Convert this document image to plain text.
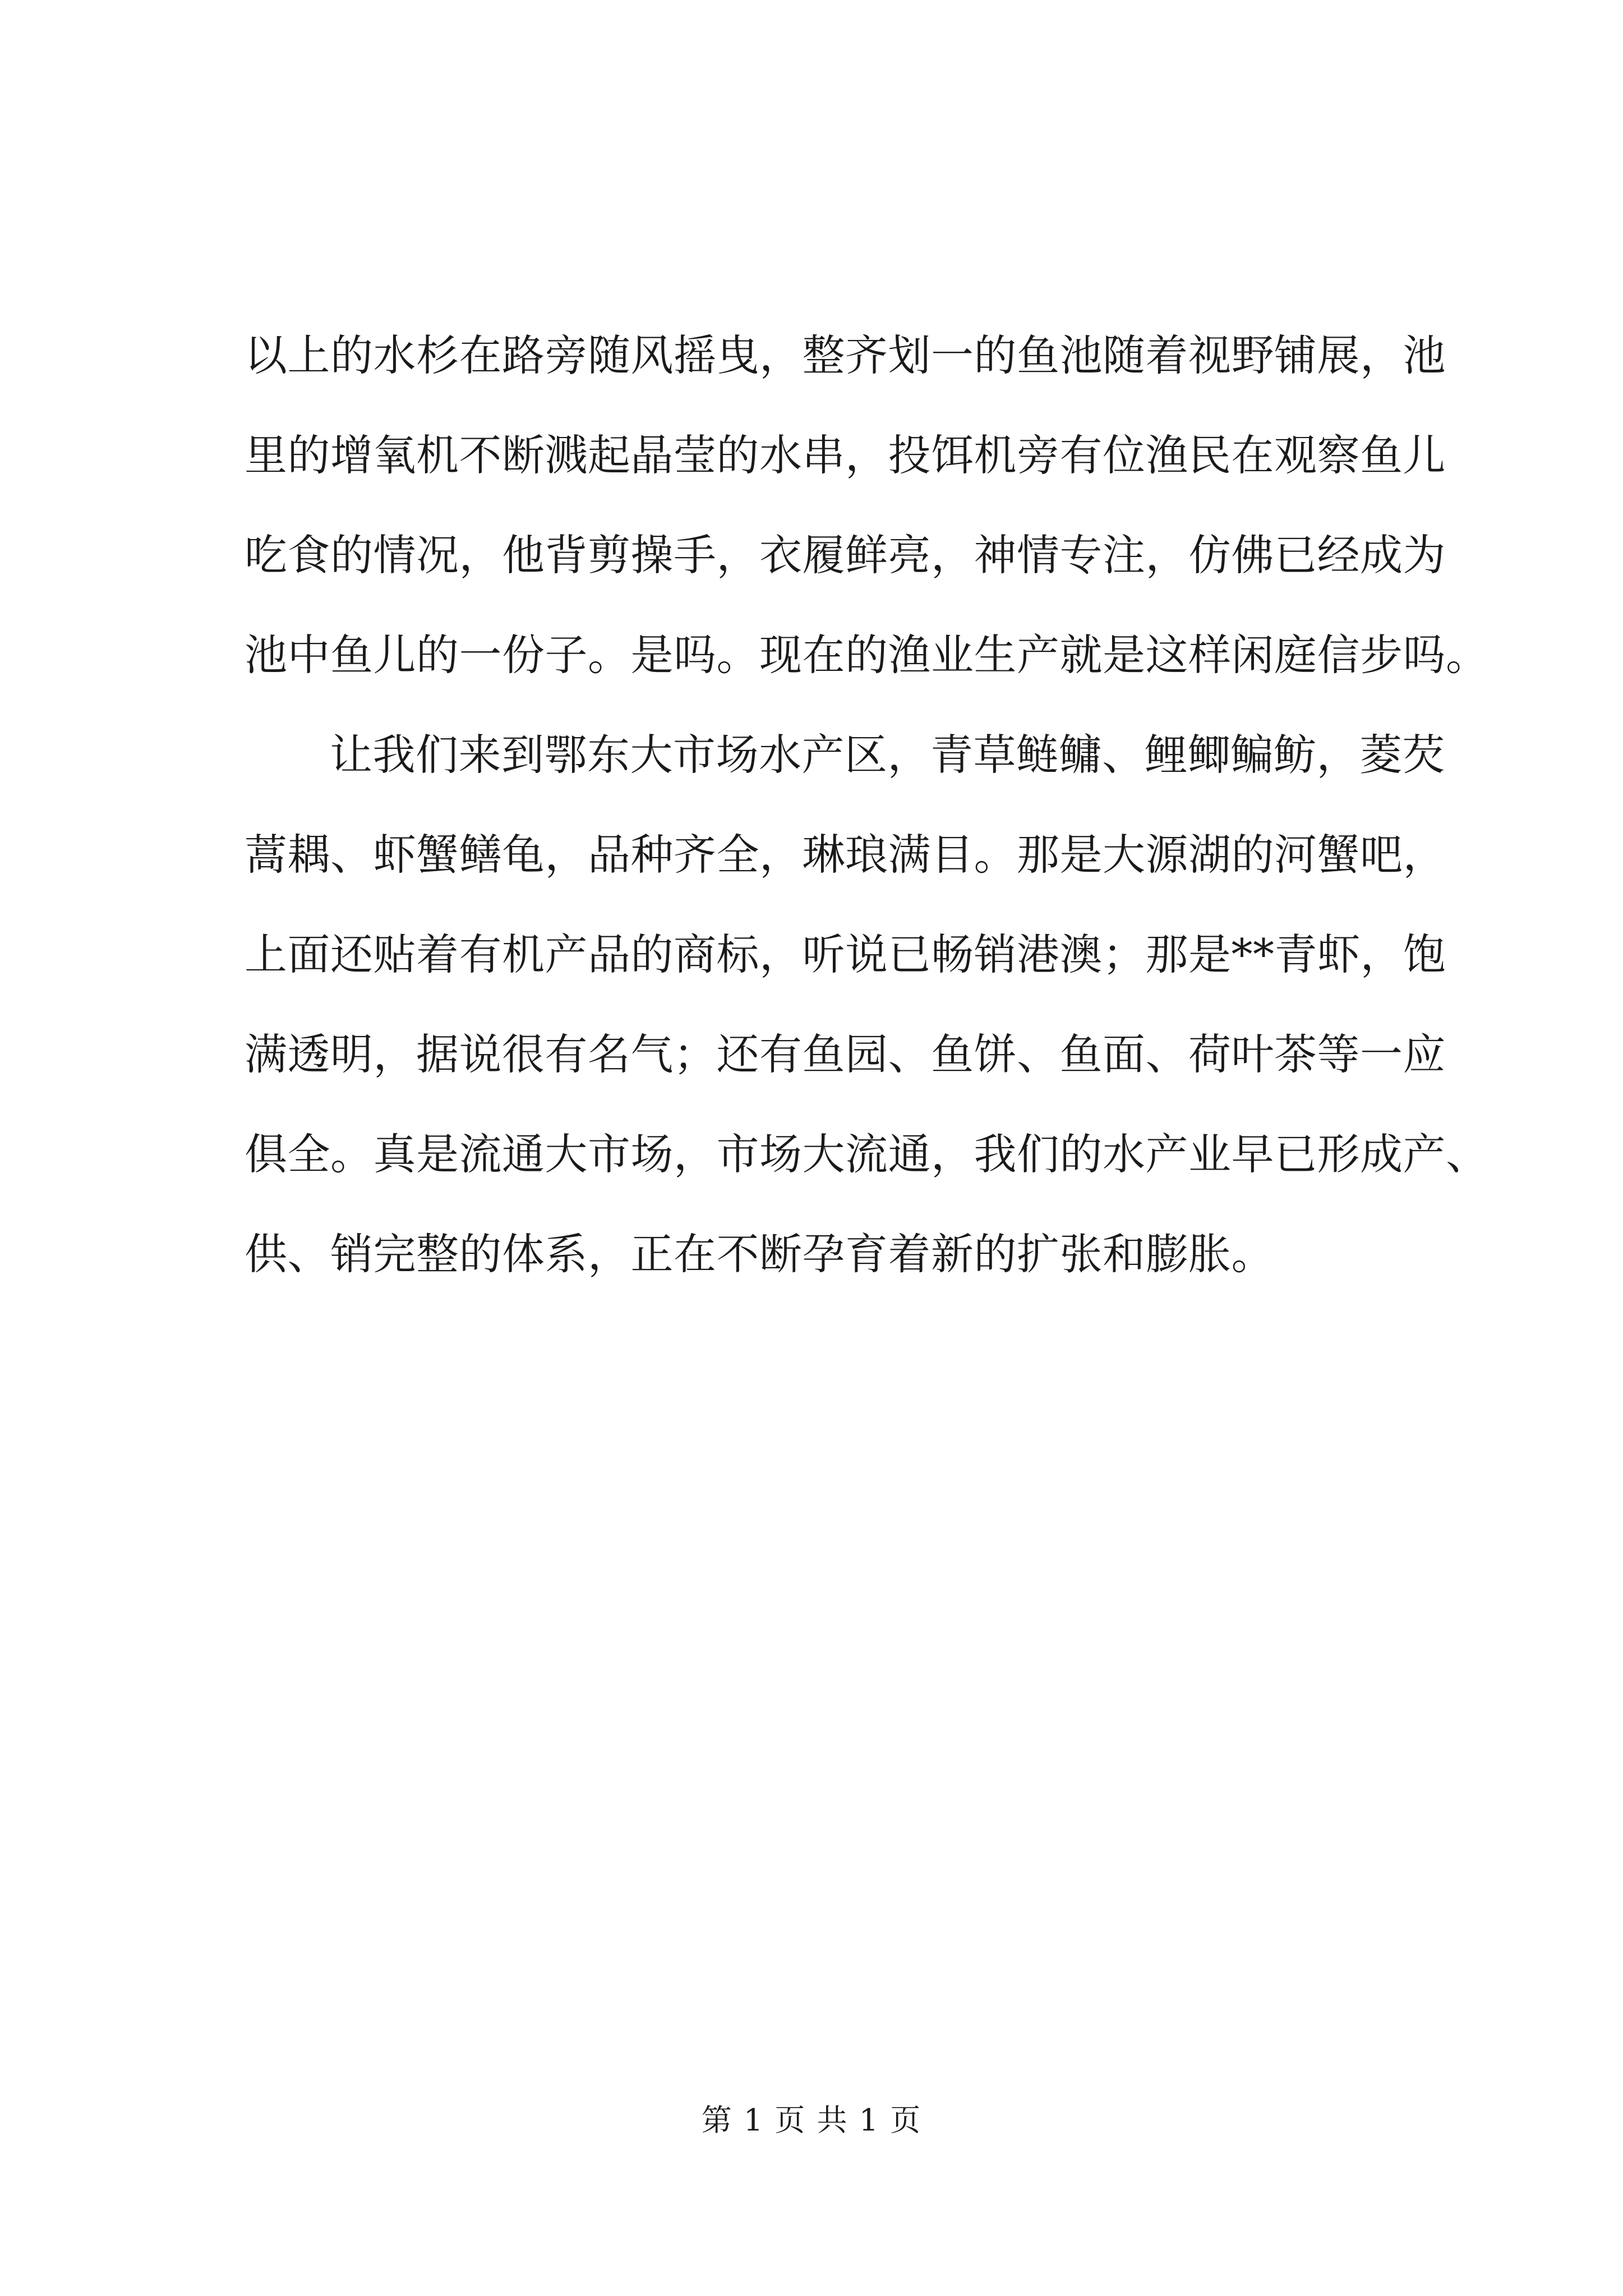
以上的水杉在路旁随风摇曳，整齐划一的鱼池随着视野铺展，池
里的增氧机不断溅起晶莹的水串，投饵机旁有位渔民在观察鱼儿
吃食的情况，他背剪操手，衣履鲜亮，神情专注，仿佛已经成为
池中鱼儿的一份子。是吗。现在的渔业生产就是这样闲庭信步吗。
让我们来到鄂东大市场水产区，青草鲢鳙、鲤鲫鳊鲂，菱芡
蒿耦、虾蟹鳝龟，品种齐全，琳琅满目。那是大源湖的河蟹吧，
上面还贴着有机产品的商标，听说已畅销港澳；那是**青虾，饱
满透明，据说很有名气；还有鱼园、鱼饼、鱼面、荷叶茶等一应
俱全。真是流通大市场，市场大流通，我们的水产业早已形成产、
供、销完整的体系，正在不断孕育着新的扩张和膨胀。
第 1 页 共 1 页
